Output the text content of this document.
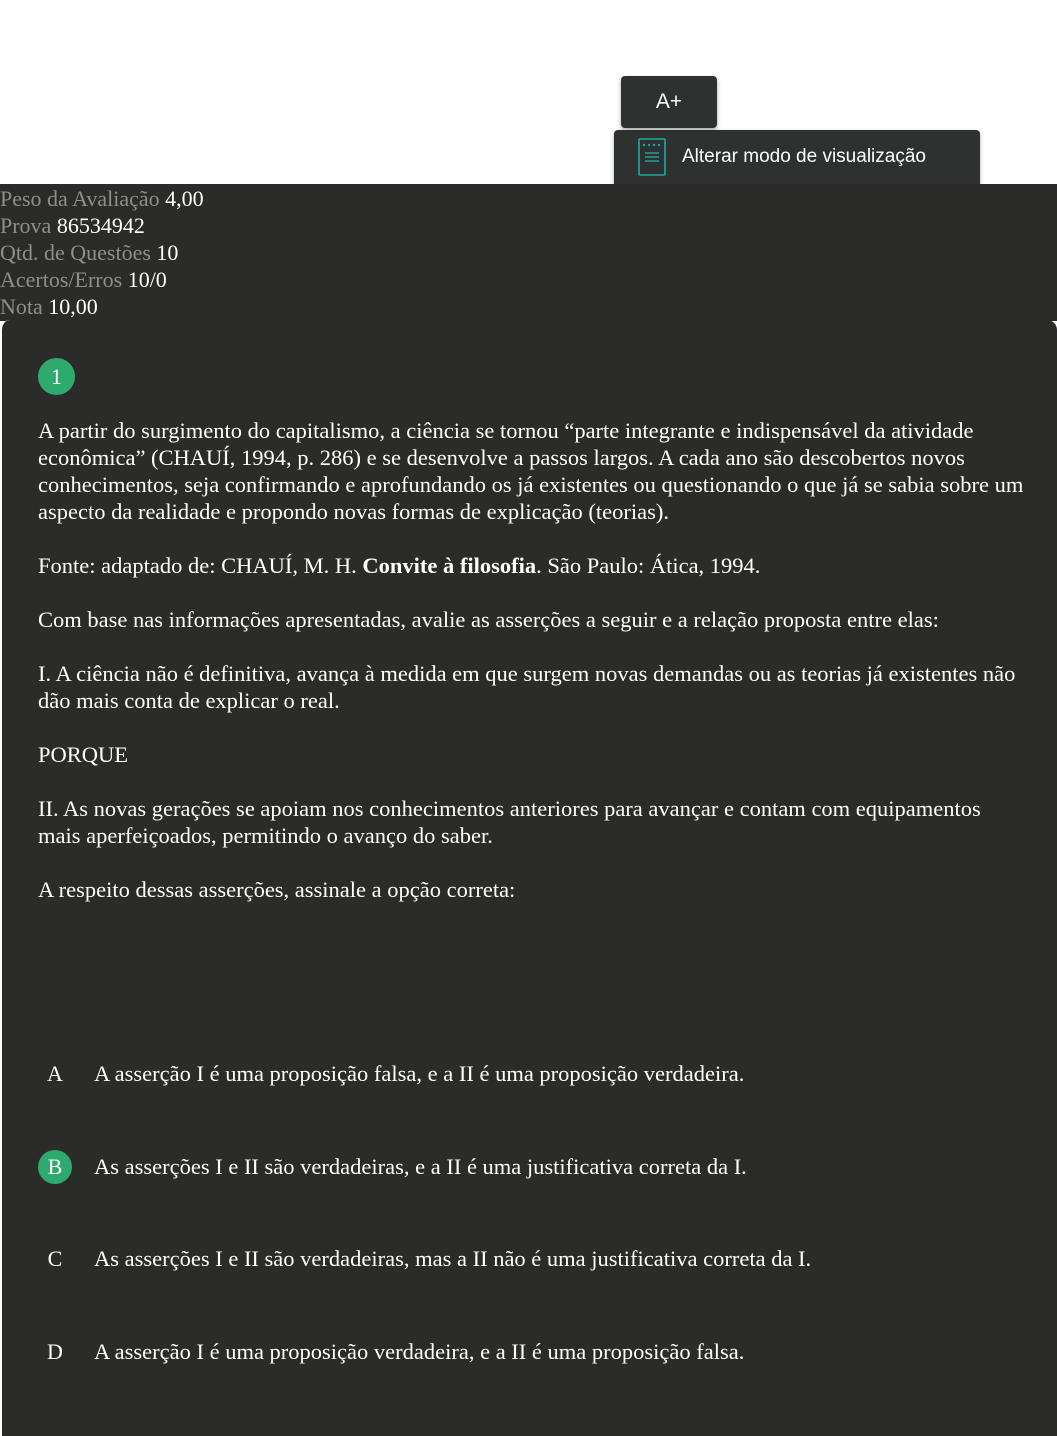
A+
Alterar modo de visualização
Peso da Avaliação 4,00
Prova 86534942
Qtd. de Questões 10
Acertos/Erros 10/0
Nota 10,00
1

A partir do surgimento do capitalismo, a ciência se tornou “parte integrante e indispensável da atividade econômica” (CHAUÍ, 1994, p. 286) e se desenvolve a passos largos. A cada ano são descobertos novos conhecimentos, seja confirmando e aprofundando os já existentes ou questionando o que já se sabia sobre um aspecto da realidade e propondo novas formas de explicação (teorias).

Fonte: adaptado de: CHAUÍ, M. H. Convite à filosofia. São Paulo: Ática, 1994.

Com base nas informações apresentadas, avalie as asserções a seguir e a relação proposta entre elas:

I. A ciência não é definitiva, avança à medida em que surgem novas demandas ou as teorias já existentes não dão mais conta de explicar o real.

PORQUE

II. As novas gerações se apoiam nos conhecimentos anteriores para avançar e contam com equipamentos mais aperfeiçoados, permitindo o avanço do saber.

A respeito dessas asserções, assinale a opção correta:

A	A asserção I é uma proposição falsa, e a II é uma proposição verdadeira.
B	As asserções I e II são verdadeiras, e a II é uma justificativa correta da I.
C	As asserções I e II são verdadeiras, mas a II não é uma justificativa correta da I.
D	A asserção I é uma proposição verdadeira, e a II é uma proposição falsa.
